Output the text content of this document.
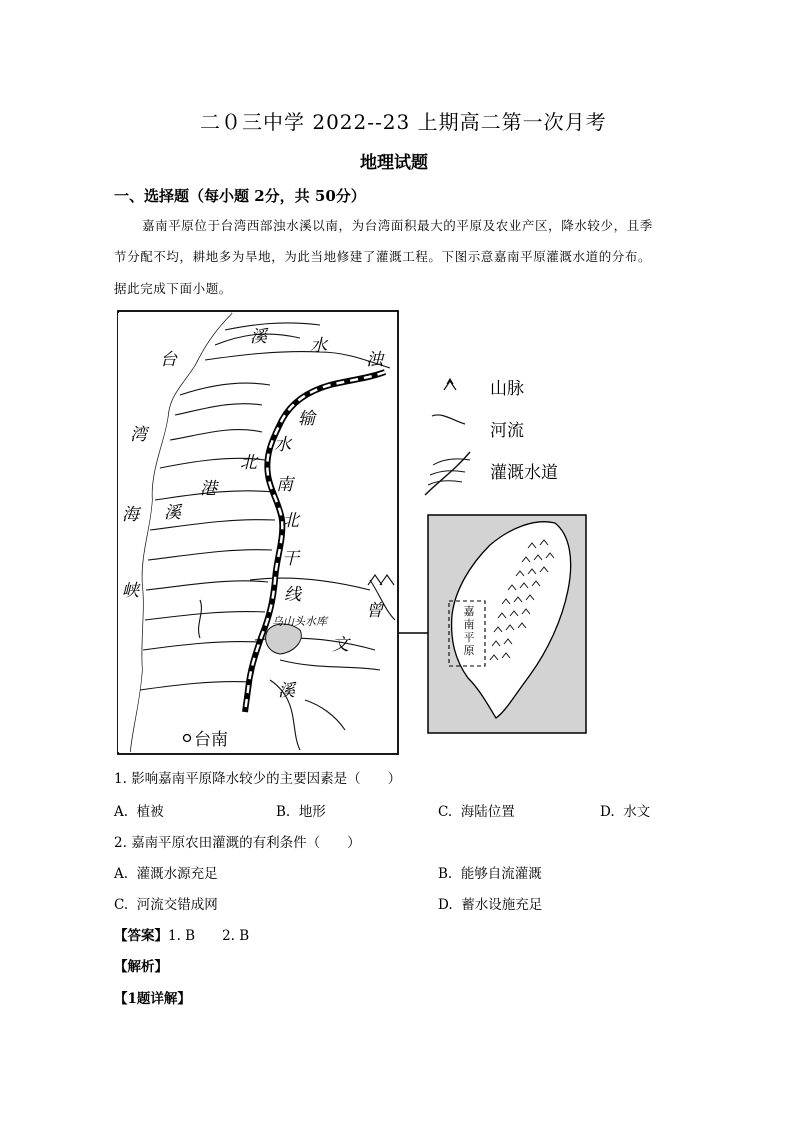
二０三中学 2022--23 上期高二第一次月考
地理试题
一、选择题（每小题 2分，共 50分）
嘉南平原位于台湾西部浊水溪以南，为台湾面积最大的平原及农业产区，降水较少，且季
节分配不均，耕地多为旱地，为此当地修建了灌溉工程。下图示意嘉南平原灌溉水道的分布。
据此完成下面小题。
台
湾
海
峡
溪	水
浊
输
水
北
港
溪
南
北
干
线
乌山头水库
曾
文
溪
台南
山脉
河流
灌溉水道
嘉南平原
1. 影响嘉南平原降水较少的主要因素是（　　）
A. 植被	B. 地形	C. 海陆位置	D. 水文
2. 嘉南平原农田灌溉的有利条件（　　）
A. 灌溉水源充足	B. 能够自流灌溉
C. 河流交错成网	D. 蓄水设施充足
【答案】1. B　　2. B
【解析】
【1题详解】
